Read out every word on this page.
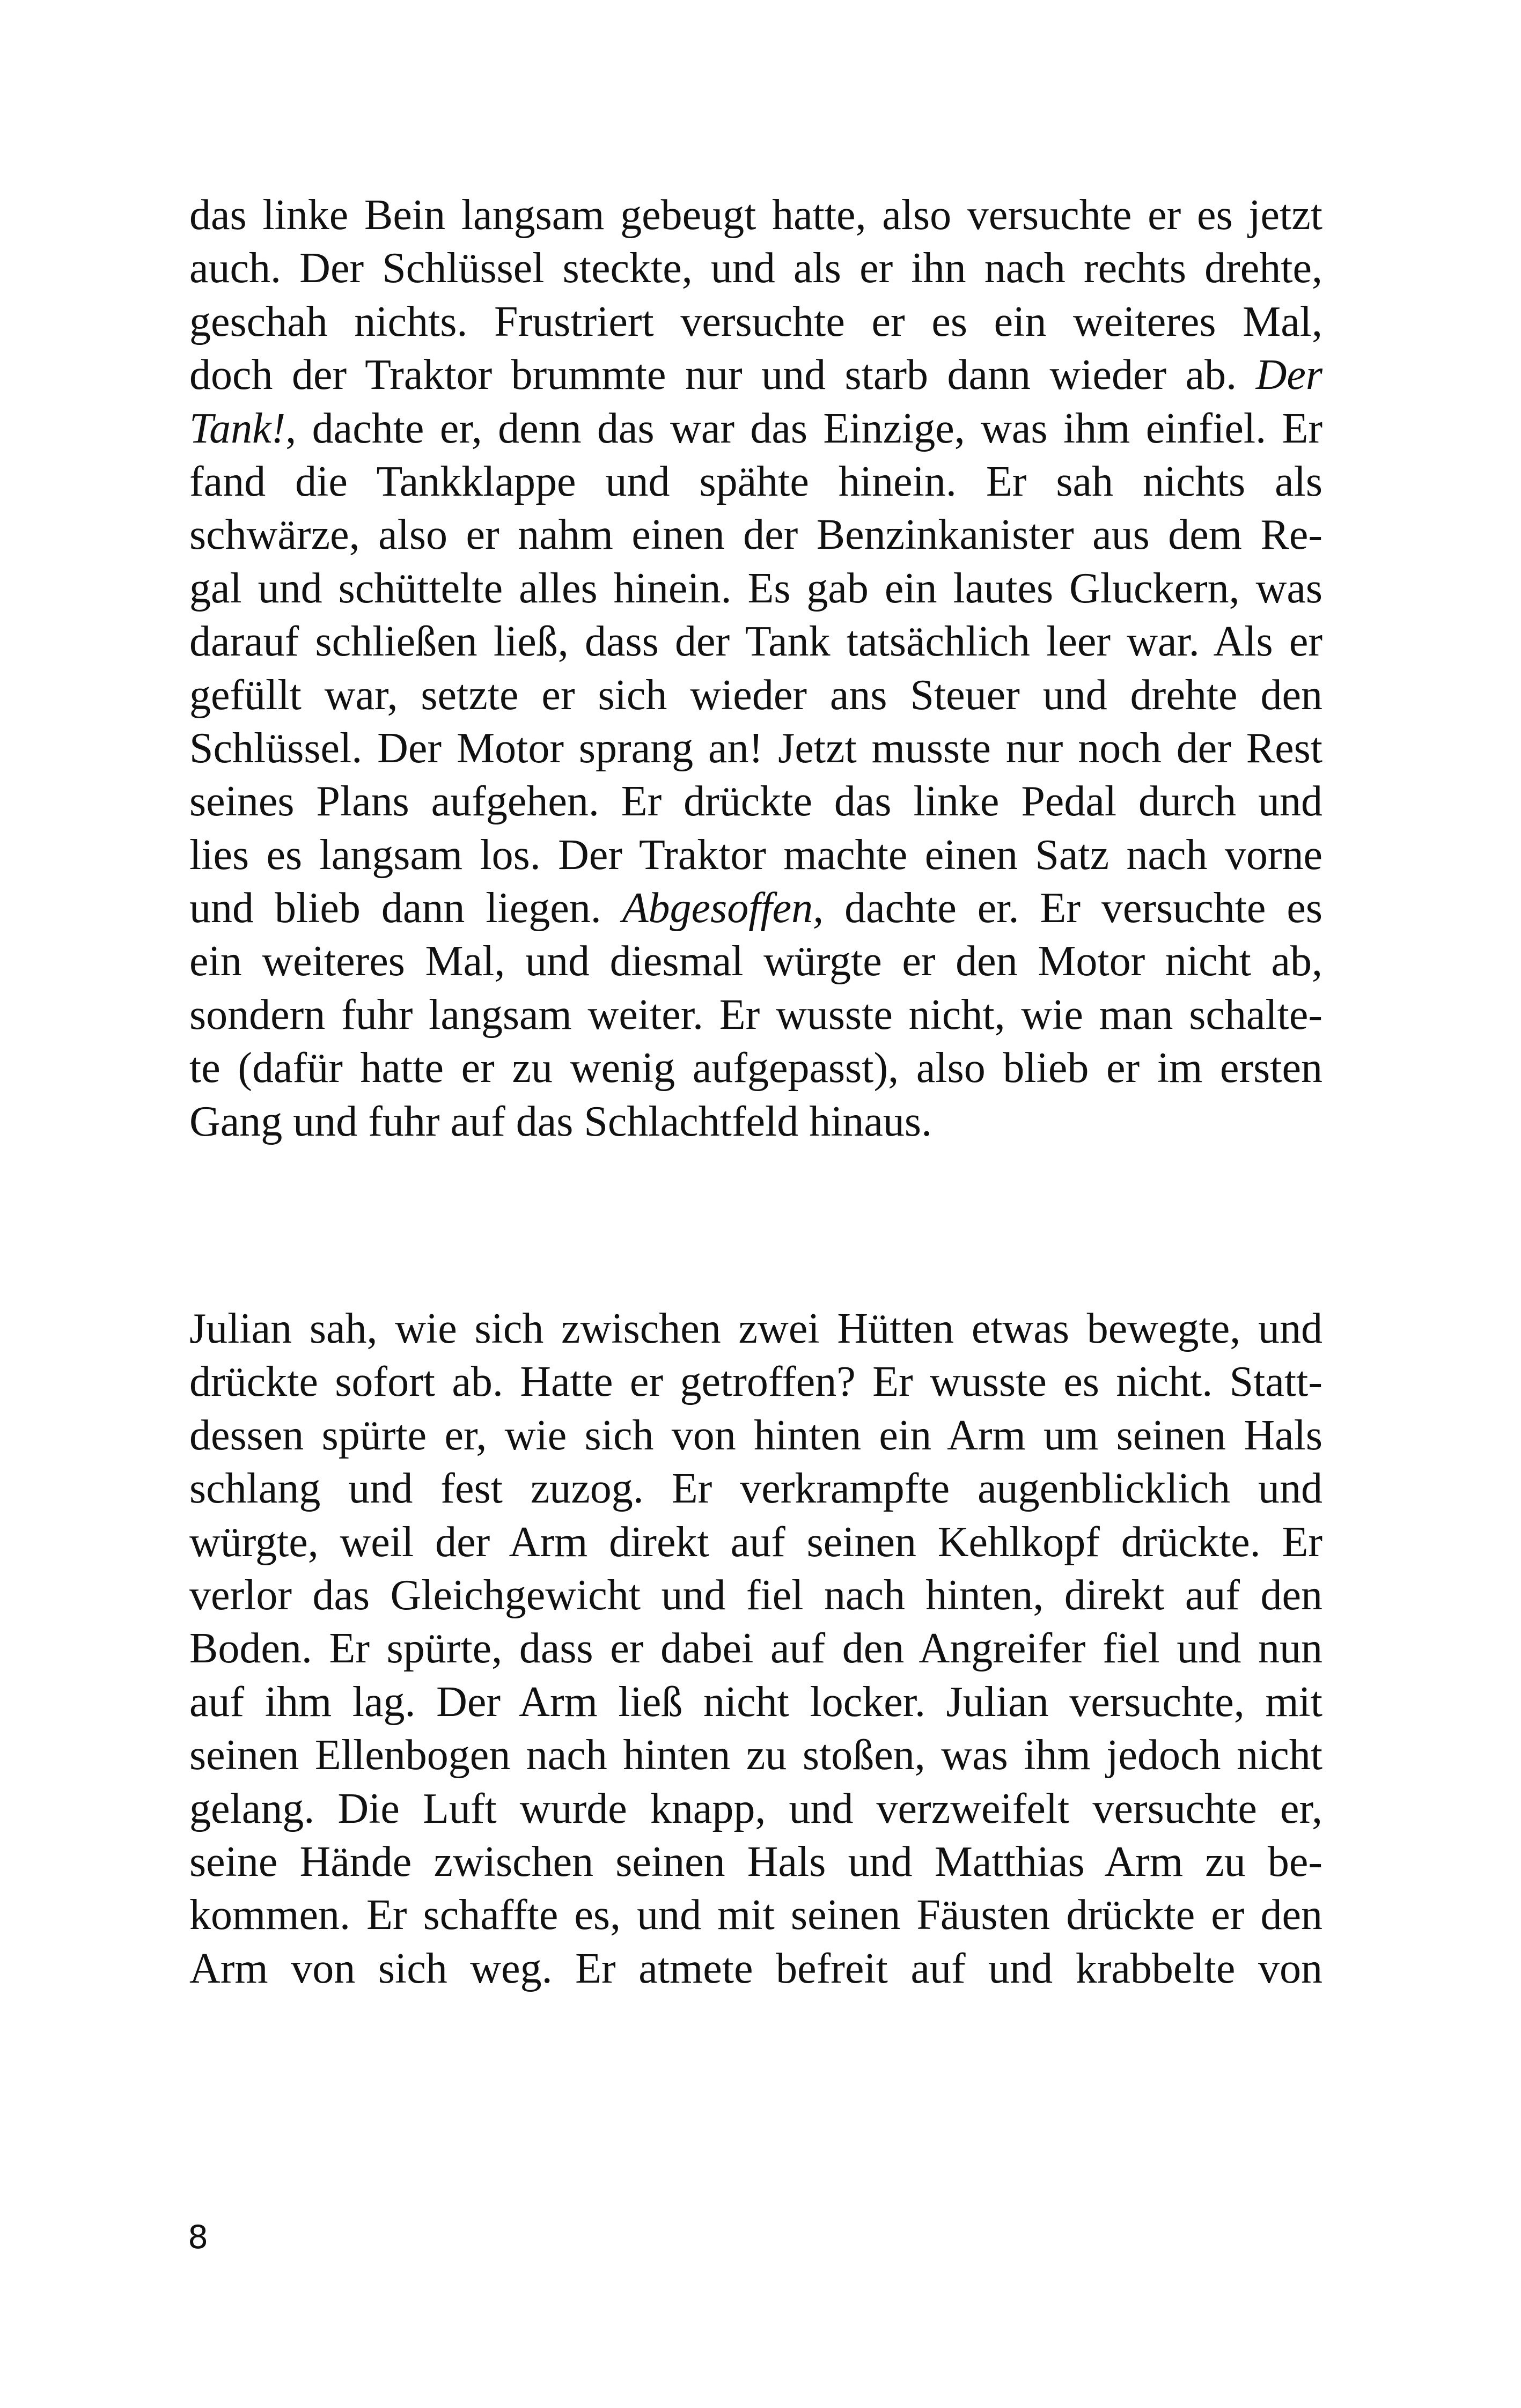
das linke Bein langsam gebeugt hatte, also versuchte er es jetzt
auch. Der Schlüssel steckte, und als er ihn nach rechts drehte,
geschah nichts. Frustriert versuchte er es ein weiteres Mal,
doch der Traktor brummte nur und starb dann wieder ab. Der
Tank!, dachte er, denn das war das Einzige, was ihm einfiel. Er
fand die Tankklappe und spähte hinein. Er sah nichts als
schwärze, also er nahm einen der Benzinkanister aus dem Re-
gal und schüttelte alles hinein. Es gab ein lautes Gluckern, was
darauf schließen ließ, dass der Tank tatsächlich leer war. Als er
gefüllt war, setzte er sich wieder ans Steuer und drehte den
Schlüssel. Der Motor sprang an! Jetzt musste nur noch der Rest
seines Plans aufgehen. Er drückte das linke Pedal durch und
lies es langsam los. Der Traktor machte einen Satz nach vorne
und blieb dann liegen. Abgesoffen, dachte er. Er versuchte es
ein weiteres Mal, und diesmal würgte er den Motor nicht ab,
sondern fuhr langsam weiter. Er wusste nicht, wie man schalte-
te (dafür hatte er zu wenig aufgepasst), also blieb er im ersten
Gang und fuhr auf das Schlachtfeld hinaus.
Julian sah, wie sich zwischen zwei Hütten etwas bewegte, und
drückte sofort ab. Hatte er getroffen? Er wusste es nicht. Statt-
dessen spürte er, wie sich von hinten ein Arm um seinen Hals
schlang und fest zuzog. Er verkrampfte augenblicklich und
würgte, weil der Arm direkt auf seinen Kehlkopf drückte. Er
verlor das Gleichgewicht und fiel nach hinten, direkt auf den
Boden. Er spürte, dass er dabei auf den Angreifer fiel und nun
auf ihm lag. Der Arm ließ nicht locker. Julian versuchte, mit
seinen Ellenbogen nach hinten zu stoßen, was ihm jedoch nicht
gelang. Die Luft wurde knapp, und verzweifelt versuchte er,
seine Hände zwischen seinen Hals und Matthias Arm zu be-
kommen. Er schaffte es, und mit seinen Fäusten drückte er den
Arm von sich weg. Er atmete befreit auf und krabbelte von
8
